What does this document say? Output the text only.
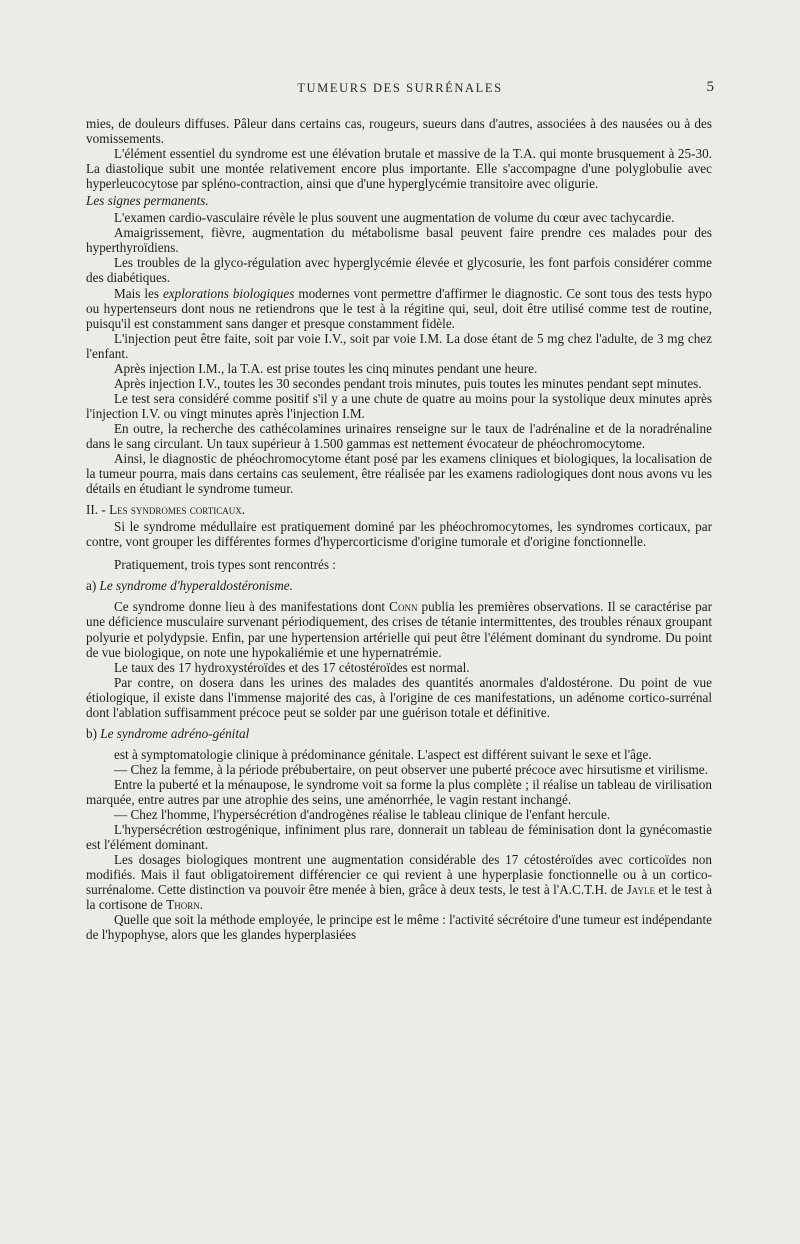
TUMEURS DES SURRÉNALES	5

mies, de douleurs diffuses. Pâleur dans certains cas, rougeurs, sueurs dans d'autres, associées à des nausées ou à des vomissements.

L'élément essentiel du syndrome est une élévation brutale et massive de la T.A. qui monte brusquement à 25-30. La diastolique subit une montée relativement encore plus importante. Elle s'accompagne d'une polyglobulie avec hyperleucocytose par spléno-contraction, ainsi que d'une hyperglycémie transitoire avec oligurie.

Les signes permanents.

L'examen cardio-vasculaire révèle le plus souvent une augmentation de volume du cœur avec tachycardie.

Amaigrissement, fièvre, augmentation du métabolisme basal peuvent faire prendre ces malades pour des hyperthyroïdiens.

Les troubles de la glyco-régulation avec hyperglycémie élevée et glycosurie, les font parfois considérer comme des diabétiques.

Mais les explorations biologiques modernes vont permettre d'affirmer le diagnostic. Ce sont tous des tests hypo ou hypertenseurs dont nous ne retiendrons que le test à la régitine qui, seul, doit être utilisé comme test de routine, puisqu'il est constamment sans danger et presque constamment fidèle.

L'injection peut être faite, soit par voie I.V., soit par voie I.M. La dose étant de 5 mg chez l'adulte, de 3 mg chez l'enfant.

Après injection I.M., la T.A. est prise toutes les cinq minutes pendant une heure.

Après injection I.V., toutes les 30 secondes pendant trois minutes, puis toutes les minutes pendant sept minutes.

Le test sera considéré comme positif s'il y a une chute de quatre au moins pour la systolique deux minutes après l'injection I.V. ou vingt minutes après l'injection I.M.

En outre, la recherche des cathécolamines urinaires renseigne sur le taux de l'adrénaline et de la noradrénaline dans le sang circulant. Un taux supérieur à 1.500 gammas est nettement évocateur de phéochromocytome.

Ainsi, le diagnostic de phéochromocytome étant posé par les examens cliniques et biologiques, la localisation de la tumeur pourra, mais dans certains cas seulement, être réalisée par les examens radiologiques dont nous avons vu les détails en étudiant le syndrome tumeur.

II. - Les syndromes corticaux.

Si le syndrome médullaire est pratiquement dominé par les phéochromocytomes, les syndromes corticaux, par contre, vont grouper les différentes formes d'hypercorticisme d'origine tumorale et d'origine fonctionnelle.

Pratiquement, trois types sont rencontrés :

a) Le syndrome d'hyperaldostéronisme.

Ce syndrome donne lieu à des manifestations dont Conn publia les premières observations. Il se caractérise par une déficience musculaire survenant périodiquement, des crises de tétanie intermittentes, des troubles rénaux groupant polyurie et polydypsie. Enfin, par une hypertension artérielle qui peut être l'élément dominant du syndrome. Du point de vue biologique, on note une hypokaliémie et une hypernatrémie.

Le taux des 17 hydroxystéroïdes et des 17 cétostéroïdes est normal.

Par contre, on dosera dans les urines des malades des quantités anormales d'aldostérone. Du point de vue étiologique, il existe dans l'immense majorité des cas, à l'origine de ces manifestations, un adénome cortico-surrénal dont l'ablation suffisamment précoce peut se solder par une guérison totale et définitive.

b) Le syndrome adréno-génital

est à symptomatologie clinique à prédominance génitale. L'aspect est différent suivant le sexe et l'âge.

— Chez la femme, à la période prébubertaire, on peut observer une puberté précoce avec hirsutisme et virilisme.

Entre la puberté et la ménaupose, le syndrome voit sa forme la plus complète ; il réalise un tableau de virilisation marquée, entre autres par une atrophie des seins, une aménorrhée, le vagin restant inchangé.

— Chez l'homme, l'hypersécrétion d'androgènes réalise le tableau clinique de l'enfant hercule.

L'hypersécrétion œstrogénique, infiniment plus rare, donnerait un tableau de féminisation dont la gynécomastie est l'élément dominant.

Les dosages biologiques montrent une augmentation considérable des 17 cétostéroïdes avec corticoïdes non modifiés. Mais il faut obligatoirement différencier ce qui revient à une hyperplasie fonctionnelle ou à un cortico-surrénalome. Cette distinction va pouvoir être menée à bien, grâce à deux tests, le test à l'A.C.T.H. de Jayle et le test à la cortisone de Thorn.

Quelle que soit la méthode employée, le principe est le même : l'activité sécrétoire d'une tumeur est indépendante de l'hypophyse, alors que les glandes hyperplasiées
